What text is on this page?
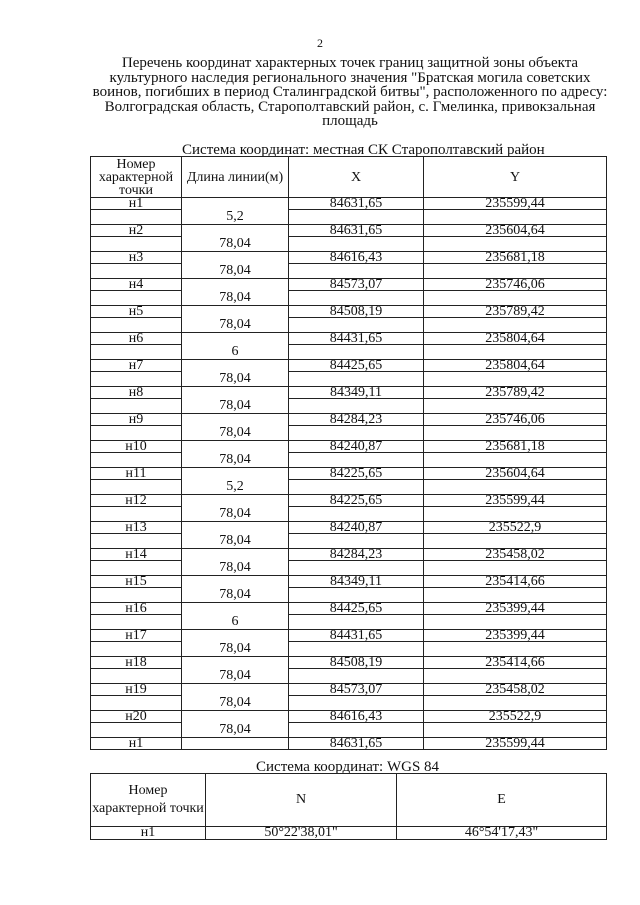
2
Перечень координат характерных точек границ защитной зоны объекта культурного наследия регионального значения "Братская могила советских воинов, погибших в период Сталинградской битвы", расположенного по адресу: Волгоградская область, Старополтавский район, с. Гмелинка, привокзальная площадь
Система координат: местная СК Старополтавский район
Номер характерной точки	Длина линии(м)	X	Y
н1		84631,65	235599,44
	5,2		
н2		84631,65	235604,64
	78,04		
н3		84616,43	235681,18
	78,04		
н4		84573,07	235746,06
	78,04		
н5		84508,19	235789,42
	78,04		
н6		84431,65	235804,64
	6		
н7		84425,65	235804,64
	78,04		
н8		84349,11	235789,42
	78,04		
н9		84284,23	235746,06
	78,04		
н10		84240,87	235681,18
	78,04		
н11		84225,65	235604,64
	5,2		
н12		84225,65	235599,44
	78,04		
н13		84240,87	235522,9
	78,04		
н14		84284,23	235458,02
	78,04		
н15		84349,11	235414,66
	78,04		
н16		84425,65	235399,44
	6		
н17		84431,65	235399,44
	78,04		
н18		84508,19	235414,66
	78,04		
н19		84573,07	235458,02
	78,04		
н20		84616,43	235522,9
	78,04		
н1		84631,65	235599,44
Система координат: WGS 84
Номер характерной точки	N	E
н1	50°22'38,01"	46°54'17,43"
